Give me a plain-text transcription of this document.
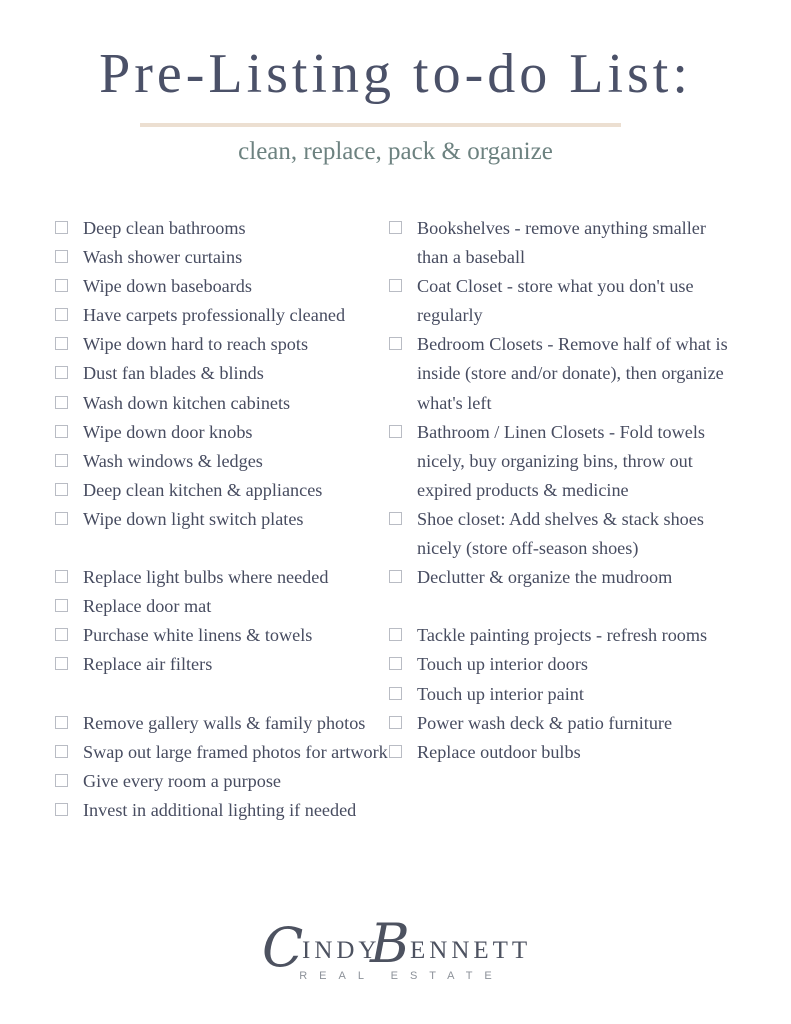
Pre-Listing to-do List:
clean, replace, pack & organize
Deep clean bathrooms
Wash shower curtains
Wipe down baseboards
Have carpets professionally cleaned
Wipe down hard to reach spots
Dust fan blades & blinds
Wash down kitchen cabinets
Wipe down door knobs
Wash windows & ledges
Deep clean kitchen & appliances
Wipe down light switch plates
Replace light bulbs where needed
Replace door mat
Purchase white linens & towels
Replace air filters
Remove gallery walls & family photos
Swap out large framed photos for artwork
Give every room a purpose
Invest in additional lighting if needed
Bookshelves - remove anything smaller than a baseball
Coat Closet - store what you don't use regularly
Bedroom Closets - Remove half of what is inside (store and/or donate), then organize what's left
Bathroom / Linen Closets - Fold towels nicely, buy organizing bins, throw out expired products & medicine
Shoe closet: Add shelves & stack shoes nicely (store off-season shoes)
Declutter & organize the mudroom
Tackle painting projects - refresh rooms
Touch up interior doors
Touch up interior paint
Power wash deck & patio furniture
Replace outdoor bulbs
C
INDY
B ENNETT
REAL ESTATE
